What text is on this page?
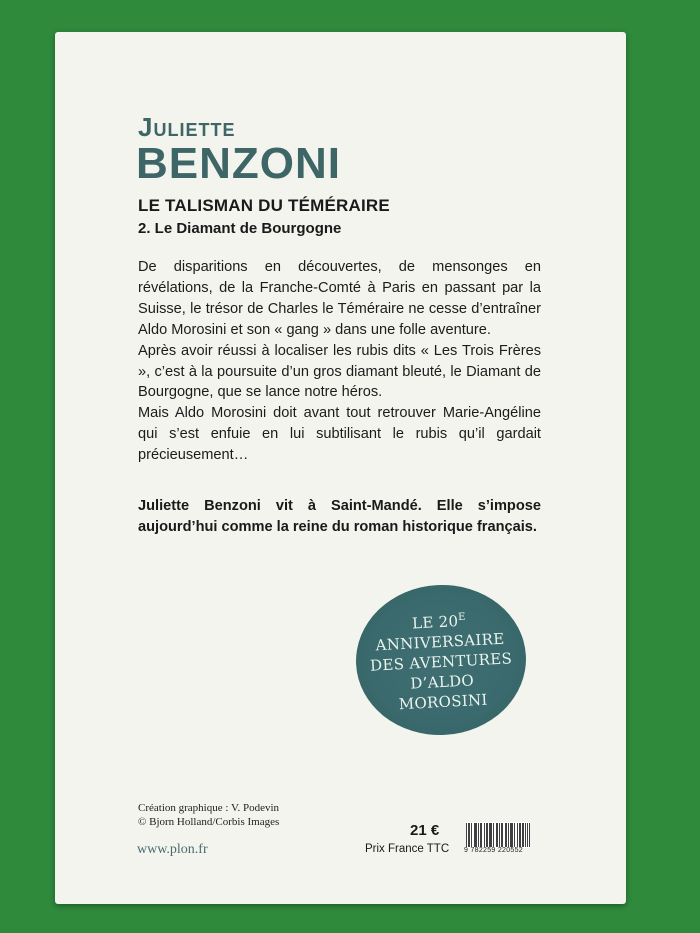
Juliette
BENZONI
LE TALISMAN DU TÉMÉRAIRE
2. Le Diamant de Bourgogne

De disparitions en découvertes, de mensonges en révélations, de la Franche-Comté à Paris en passant par la Suisse, le trésor de Charles le Téméraire ne cesse d’entraîner Aldo Morosini et son « gang » dans une folle aventure.

Après avoir réussi à localiser les rubis dits « Les Trois Frères », c’est à la poursuite d’un gros diamant bleuté, le Diamant de Bourgogne, que se lance notre héros.

Mais Aldo Morosini doit avant tout retrouver Marie-Angéline qui s’est enfuie en lui subtilisant le rubis qu’il gardait précieusement…

Juliette Benzoni vit à Saint-Mandé. Elle s’impose aujourd’hui comme la reine du roman historique français.
LE $20^E$
ANNIVERSAIRE
DES AVENTURES
D’ALDO
MOROSINI
Création graphique : V. Podevin
© Bjorn Holland/Corbis Images
www.plon.fr
21 €
Prix France TTC 9 782259 220552
